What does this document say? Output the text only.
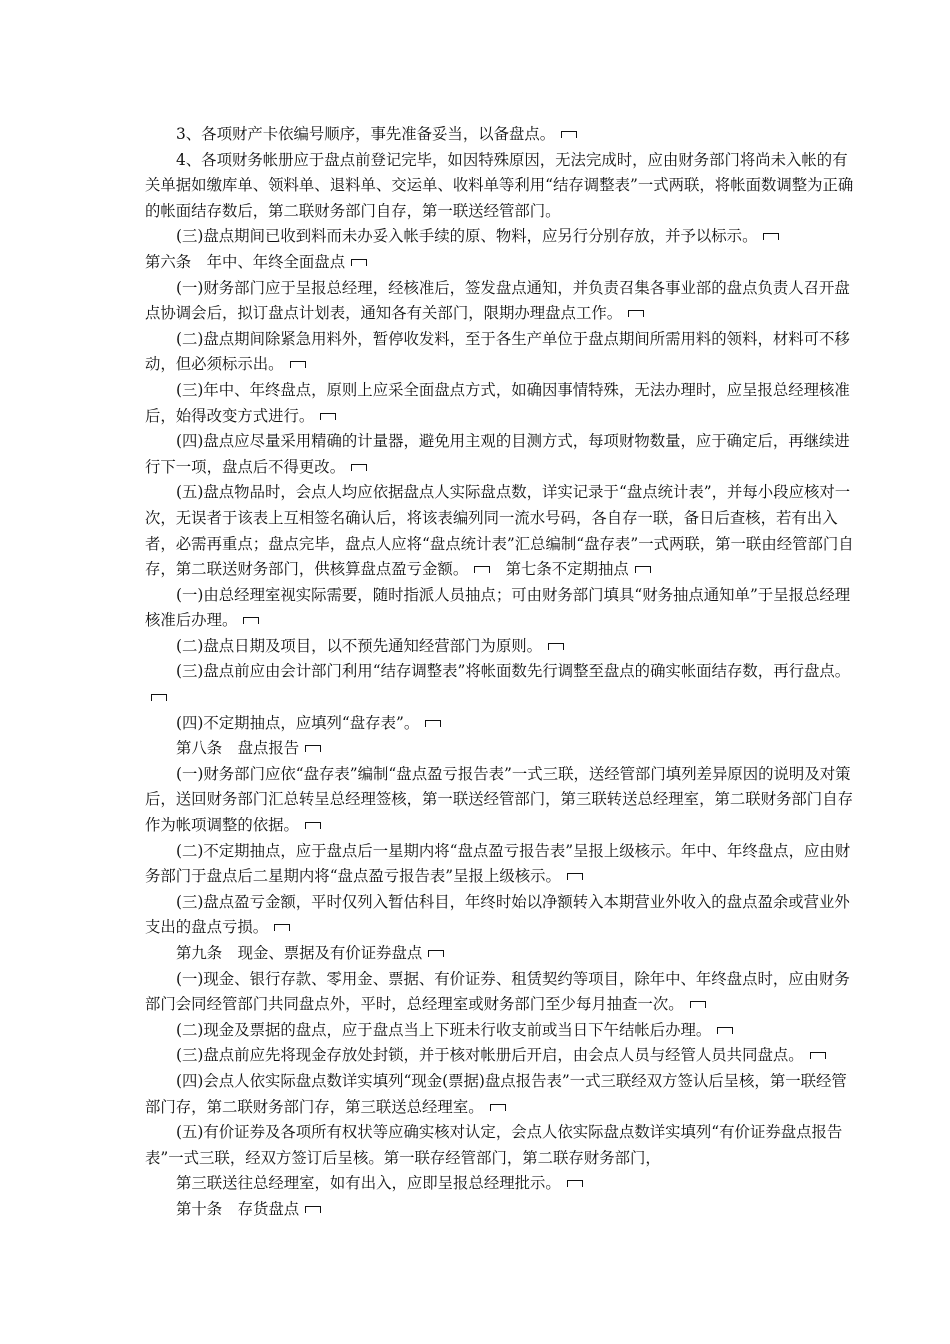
3、各项财产卡依编号顺序，事先准备妥当，以备盘点。

4、各项财务帐册应于盘点前登记完毕，如因特殊原因，无法完成时，应由财务部门将尚未入帐的有关单据如缴库单、领料单、退料单、交运单、收料单等利用“结存调整表”一式两联，将帐面数调整为正确的帐面结存数后，第二联财务部门自存，第一联送经管部门。

(三)盘点期间已收到料而未办妥入帐手续的原、物料，应另行分别存放，并予以标示。

第六条　年中、年终全面盘点

(一)财务部门应于呈报总经理，经核准后，签发盘点通知，并负责召集各事业部的盘点负责人召开盘点协调会后，拟订盘点计划表，通知各有关部门，限期办理盘点工作。

(二)盘点期间除紧急用料外，暂停收发料，至于各生产单位于盘点期间所需用料的领料，材料可不移动，但必须标示出。

(三)年中、年终盘点，原则上应采全面盘点方式，如确因事情特殊，无法办理时，应呈报总经理核准后，始得改变方式进行。

(四)盘点应尽量采用精确的计量器，避免用主观的目测方式，每项财物数量，应于确定后，再继续进行下一项，盘点后不得更改。

(五)盘点物品时，会点人均应依据盘点人实际盘点数，详实记录于“盘点统计表”，并每小段应核对一次，无误者于该表上互相签名确认后，将该表编列同一流水号码，各自存一联，备日后查核，若有出入者，必需再重点；盘点完毕，盘点人应将“盘点统计表”汇总编制“盘存表”一式两联，第一联由经管部门自存，第二联送财务部门，供核算盘点盈亏金额。　第七条不定期抽点

(一)由总经理室视实际需要，随时指派人员抽点；可由财务部门填具“财务抽点通知单”于呈报总经理核准后办理。

(二)盘点日期及项目，以不预先通知经营部门为原则。

(三)盘点前应由会计部门利用“结存调整表”将帐面数先行调整至盘点的确实帐面结存数，再行盘点。

(四)不定期抽点，应填列“盘存表”。

第八条　盘点报告

(一)财务部门应依“盘存表”编制“盘点盈亏报告表”一式三联，送经管部门填列差异原因的说明及对策后，送回财务部门汇总转呈总经理签核，第一联送经管部门，第三联转送总经理室，第二联财务部门自存作为帐项调整的依据。

(二)不定期抽点，应于盘点后一星期内将“盘点盈亏报告表”呈报上级核示。年中、年终盘点，应由财务部门于盘点后二星期内将“盘点盈亏报告表”呈报上级核示。

(三)盘点盈亏金额，平时仅列入暂估科目，年终时始以净额转入本期营业外收入的盘点盈余或营业外支出的盘点亏损。

第九条　现金、票据及有价证券盘点

(一)现金、银行存款、零用金、票据、有价证券、租赁契约等项目，除年中、年终盘点时，应由财务部门会同经管部门共同盘点外，平时，总经理室或财务部门至少每月抽查一次。

(二)现金及票据的盘点，应于盘点当上下班未行收支前或当日下午结帐后办理。

(三)盘点前应先将现金存放处封锁，并于核对帐册后开启，由会点人员与经管人员共同盘点。

(四)会点人依实际盘点数详实填列“现金(票据)盘点报告表”一式三联经双方签认后呈核，第一联经管部门存，第二联财务部门存，第三联送总经理室。

(五)有价证券及各项所有权状等应确实核对认定，会点人依实际盘点数详实填列“有价证券盘点报告表”一式三联，经双方签订后呈核。第一联存经管部门，第二联存财务部门，

第三联送往总经理室，如有出入，应即呈报总经理批示。

第十条　存货盘点
